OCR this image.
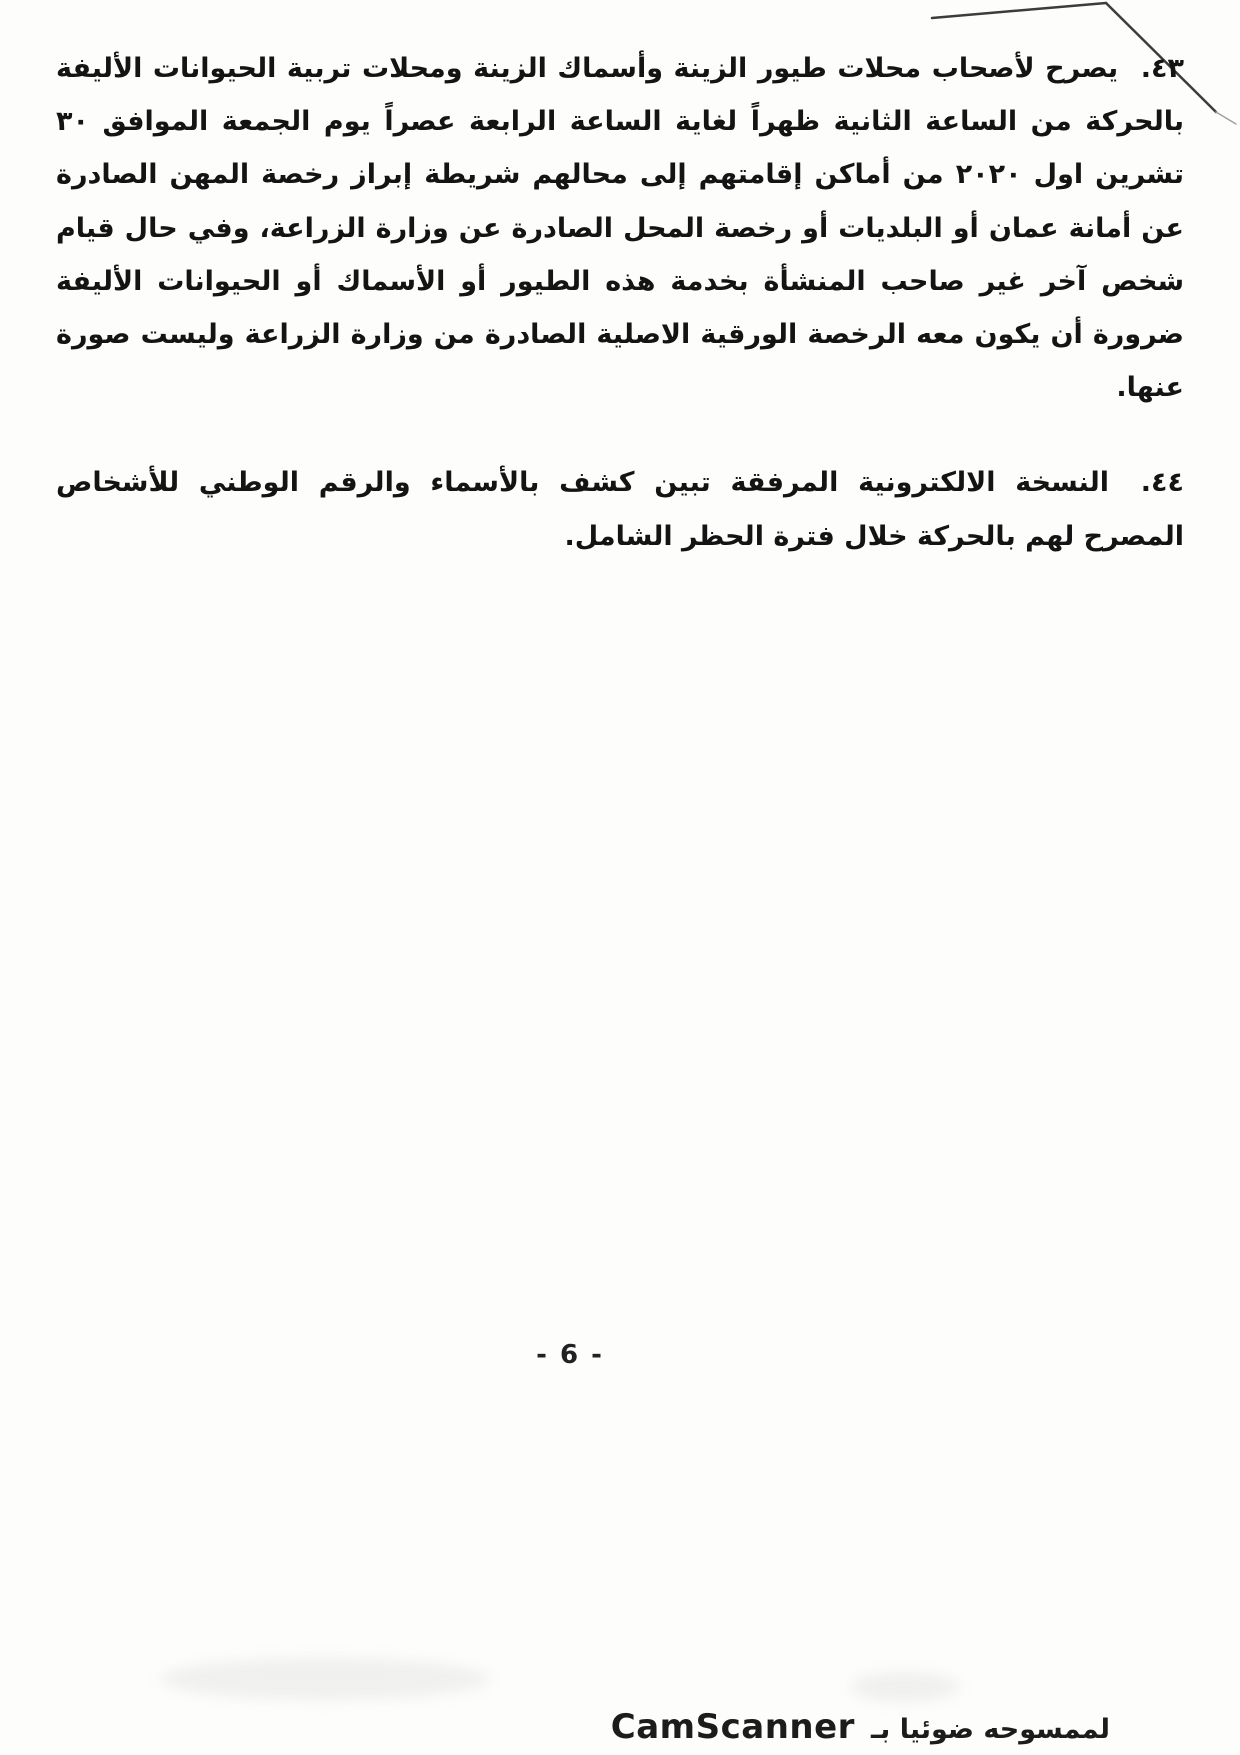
٤٣. يصرح لأصحاب محلات طيور الزينة وأسماك الزينة ومحلات تربية الحيوانات الأليفة بالحركة من الساعة الثانية ظهراً لغاية الساعة الرابعة عصراً يوم الجمعة الموافق ٣٠ تشرين اول ٢٠٢٠ من أماكن إقامتهم إلى محالهم شريطة إبراز رخصة المهن الصادرة عن أمانة عمان أو البلديات أو رخصة المحل الصادرة عن وزارة الزراعة، وفي حال قيام شخص آخر غير صاحب المنشأة بخدمة هذه الطيور أو الأسماك أو الحيوانات الأليفة ضرورة أن يكون معه الرخصة الورقية الاصلية الصادرة من وزارة الزراعة وليست صورة عنها.

٤٤. النسخة الالكترونية المرفقة تبين كشف بالأسماء والرقم الوطني للأشخاص المصرح لهم بالحركة خلال فترة الحظر الشامل.

- 6 -
لممسوحه ضوئيا بـ
CamScanner
